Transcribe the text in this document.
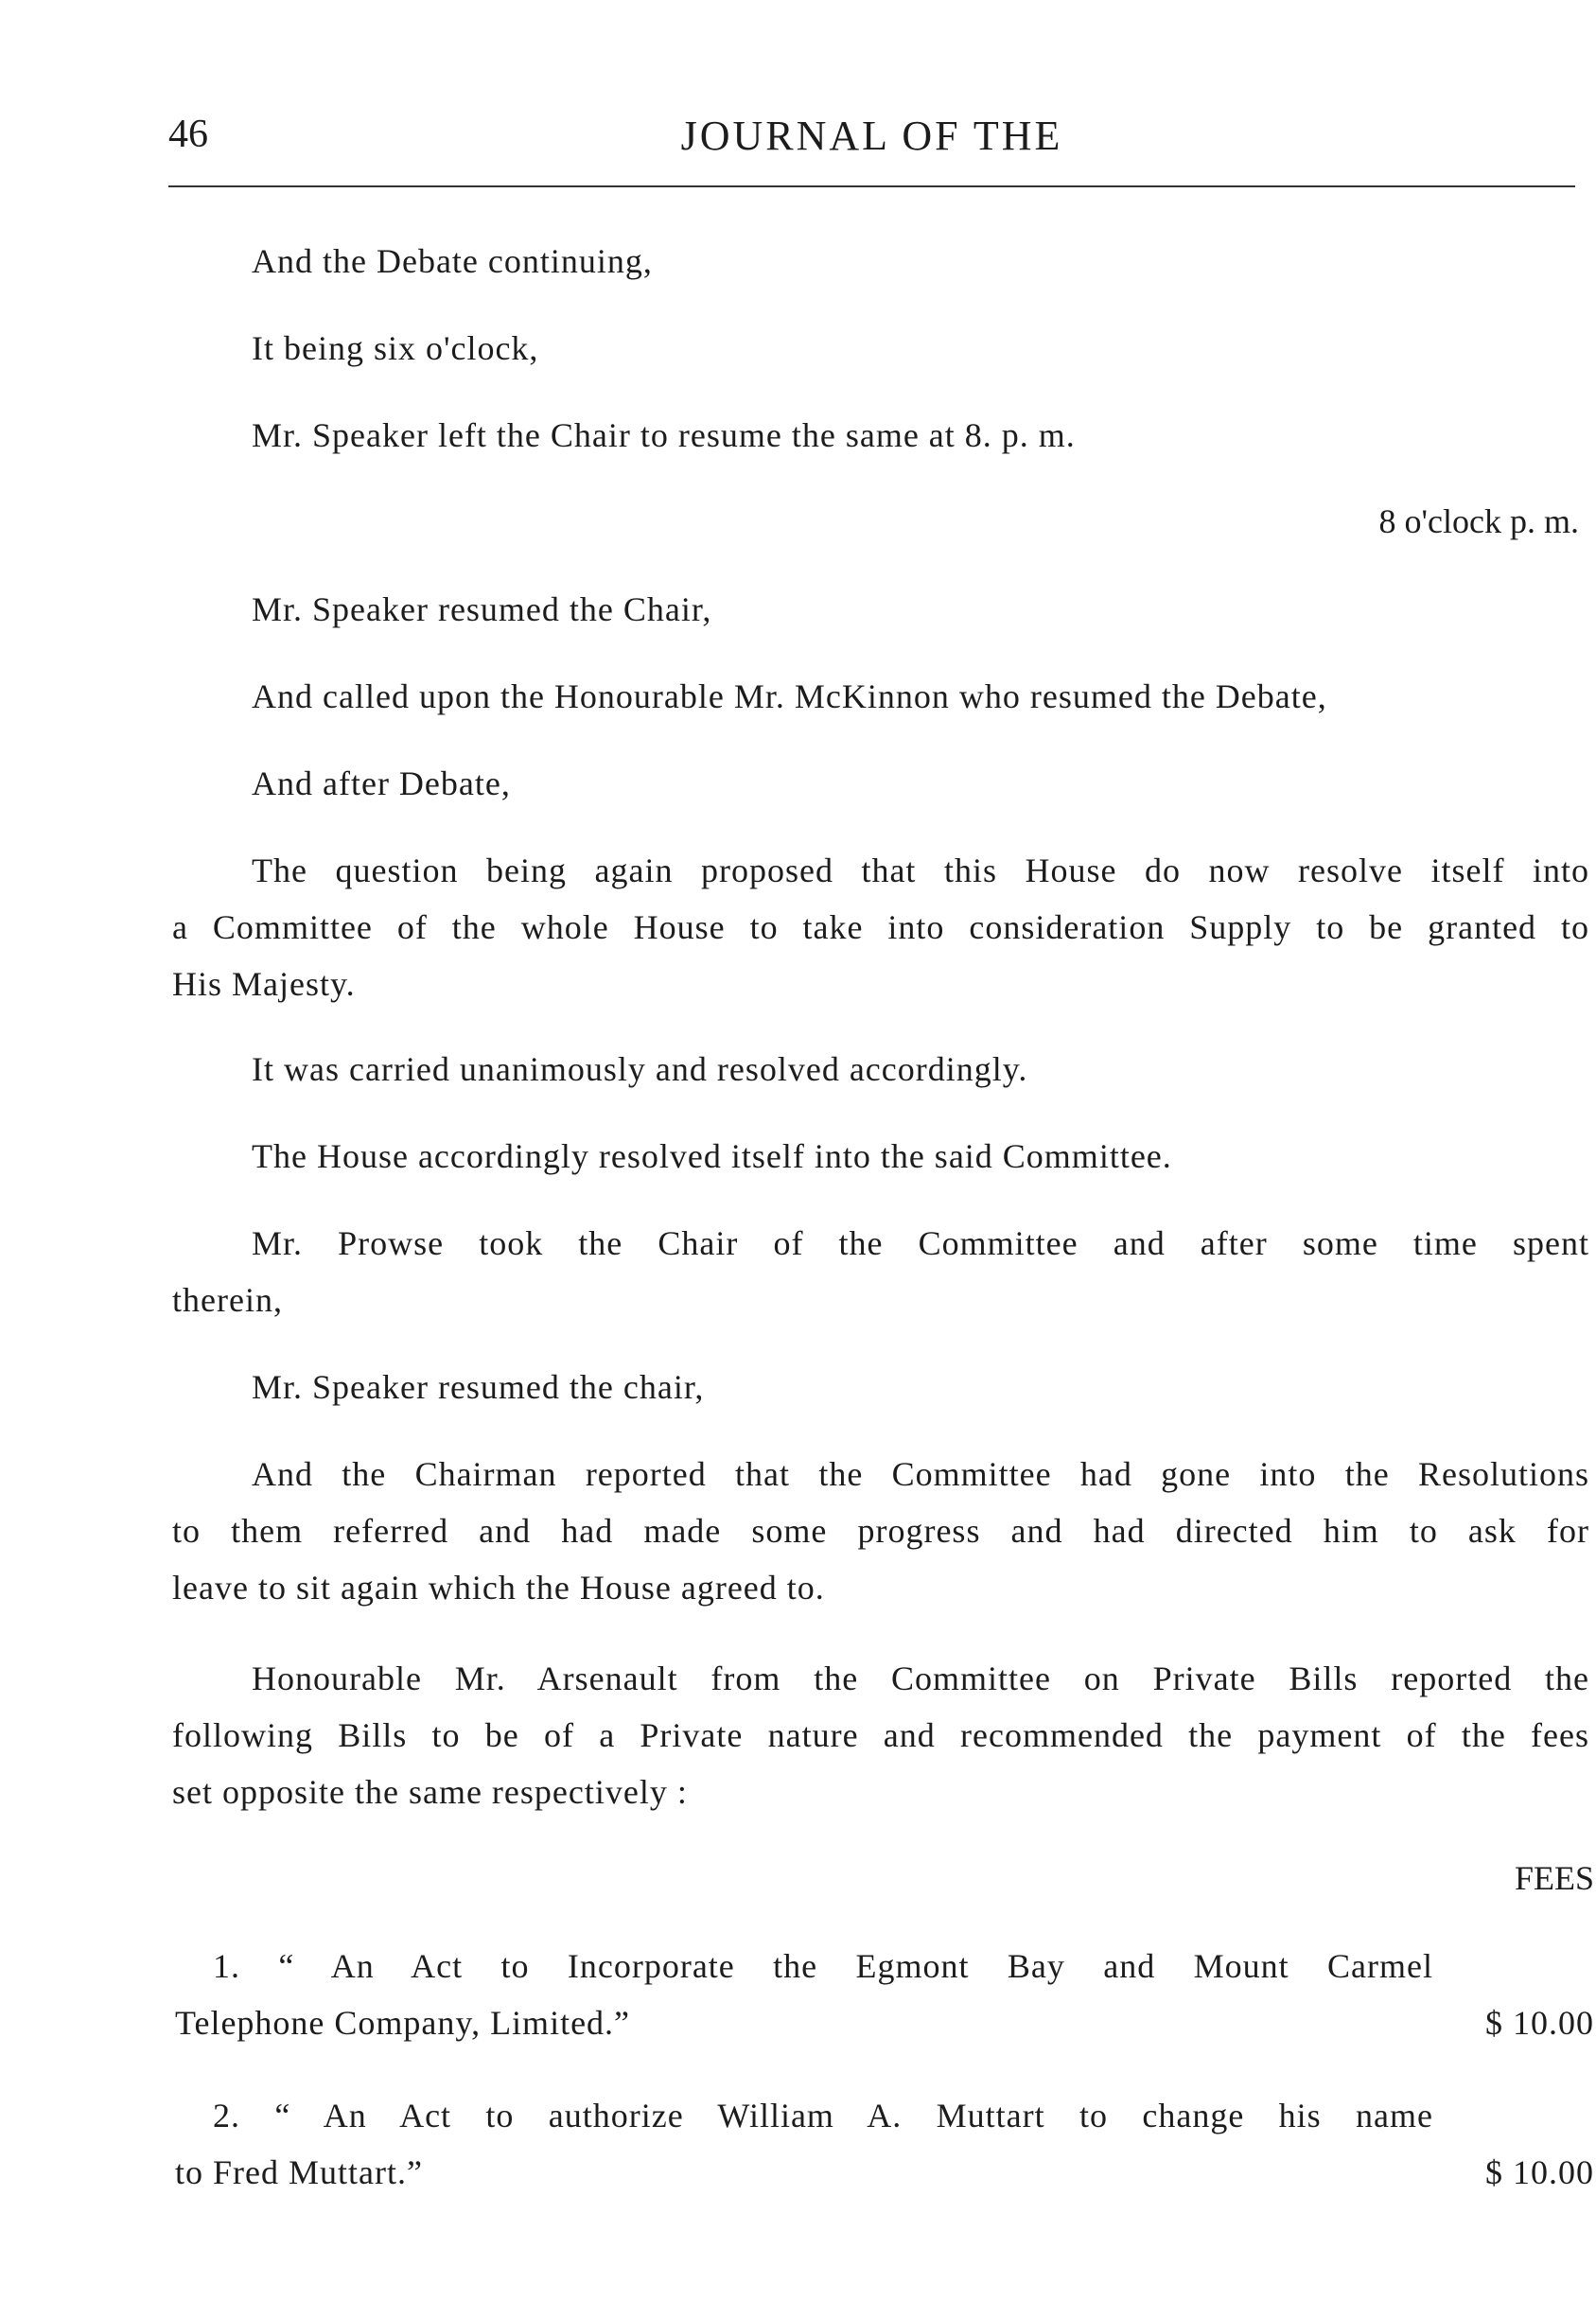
46	JOURNAL OF THE

And the Debate continuing,

It being six o'clock,

Mr. Speaker left the Chair to resume the same at 8. p. m.

8 o'clock p. m.

Mr. Speaker resumed the Chair,

And called upon the Honourable Mr. McKinnon who resumed the Debate,

And after Debate,

The question being again proposed that this House do now resolve itself into
a Committee of the whole House to take into consideration Supply to be granted to
His Majesty.

It was carried unanimously and resolved accordingly.

The House accordingly resolved itself into the said Committee.

Mr. Prowse took the Chair of the Committee and after some time spent
therein,

Mr. Speaker resumed the chair,

And the Chairman reported that the Committee had gone into the Resolutions
to them referred and had made some progress and had directed him to ask for
leave to sit again which the House agreed to.

Honourable Mr. Arsenault from the Committee on Private Bills reported the
following Bills to be of a Private nature and recommended the payment of the fees
set opposite the same respectively :

FEES
1. “ An Act to Incorporate the Egmont Bay and Mount Carmel
Telephone Company, Limited.”	$ 10.00
2. “ An Act to authorize William A. Muttart to change his name
to Fred Muttart.”	$ 10.00
